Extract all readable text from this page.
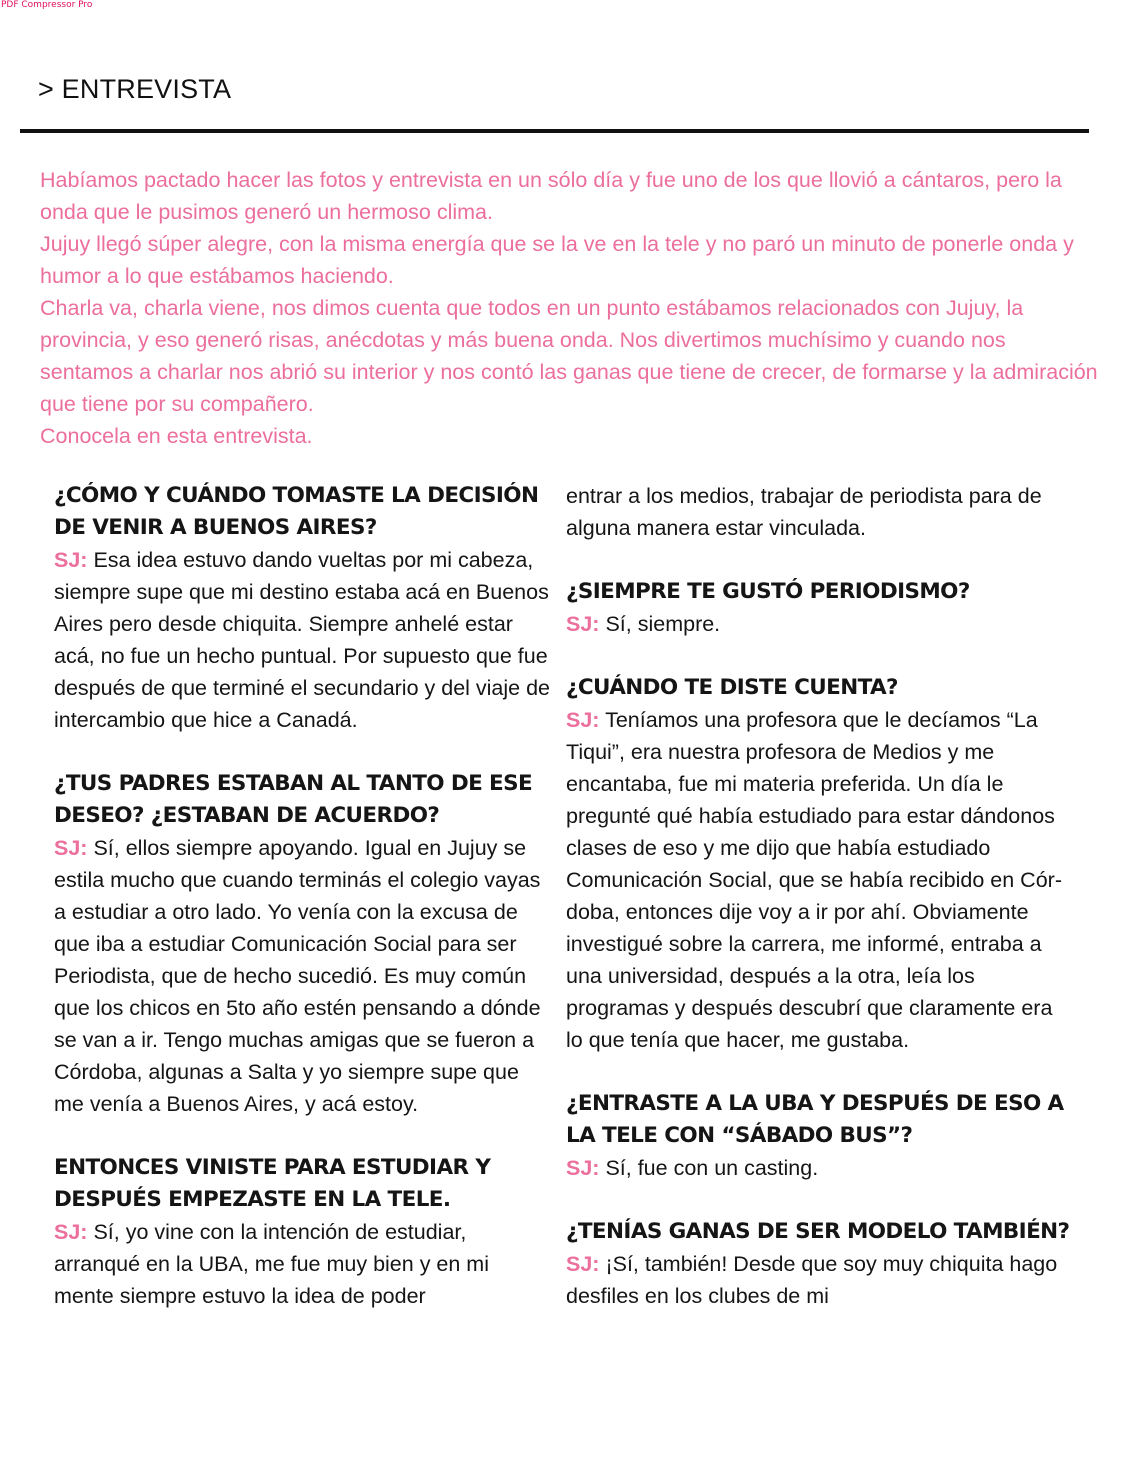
PDF Compressor Pro
> ENTREVISTA

Habíamos pactado hacer las fotos y entrevista en un sólo día y fue uno de los que llovió a cántaros, pero la onda que le pusimos generó un hermoso clima.

Jujuy llegó súper alegre, con la misma energía que se la ve en la tele y no paró un minuto de ponerle onda y humor a lo que estábamos haciendo.

Charla va, charla viene, nos dimos cuenta que todos en un punto estábamos relacionados con Jujuy, la provincia, y eso generó risas, anécdotas y más buena onda. Nos divertimos muchísimo y cuando nos sentamos a charlar nos abrió su interior y nos contó las ganas que tiene de crecer, de formarse y la admiración que tiene por su compañero.

Conocela en esta entrevista.

¿CÓMO Y CUÁNDO TOMASTE LA DECISIÓN DE VENIR A BUENOS AIRES?

SJ: Esa idea estuvo dando vueltas por mi cabeza, siempre supe que mi destino estaba acá en Buenos Aires pero desde chiquita. Siempre anhelé estar acá, no fue un hecho puntual. Por supuesto que fue después de que terminé el secundario y del viaje de intercambio que hice a Canadá.

¿TUS PADRES ESTABAN AL TANTO DE ESE DESEO? ¿ESTABAN DE ACUERDO?

SJ: Sí, ellos siempre apoyando. Igual en Jujuy se estila mucho que cuando terminás el colegio vayas a estudiar a otro lado. Yo venía con la excusa de que iba a estudiar Comunicación Social para ser Periodista, que de hecho sucedió. Es muy común que los chicos en 5to año estén pensando a dónde se van a ir. Tengo muchas amigas que se fueron a Córdoba, algunas a Salta y yo siempre supe que me venía a Buenos Aires, y acá estoy.

ENTONCES VINISTE PARA ESTUDIAR Y DESPUÉS EMPEZASTE EN LA TELE.

SJ: Sí, yo vine con la intención de estudiar, arranqué en la UBA, me fue muy bien y en mi mente siempre estuvo la idea de poder

entrar a los medios, trabajar de periodista para de alguna manera estar vinculada.

¿SIEMPRE TE GUSTÓ PERIODISMO?

SJ: Sí, siempre.

¿CUÁNDO TE DISTE CUENTA?

SJ: Teníamos una profesora que le decíamos “La Tiqui”, era nuestra profesora de Medios y me encantaba, fue mi materia preferida. Un día le pregunté qué había estudiado para estar dándonos clases de eso y me dijo que había estudiado Comunicación Social, que se había recibido en Córdoba, entonces dije voy a ir por ahí. Obviamente investigué sobre la carrera, me informé, entraba a una universidad, después a la otra, leía los programas y después descubrí que claramente era lo que tenía que hacer, me gustaba.

¿ENTRASTE A LA UBA Y DESPUÉS DE ESO A LA TELE CON “SÁBADO BUS”?

SJ: Sí, fue con un casting.

¿TENÍAS GANAS DE SER MODELO TAMBIÉN?

SJ: ¡Sí, también! Desde que soy muy chiquita hago desfiles en los clubes de mi
